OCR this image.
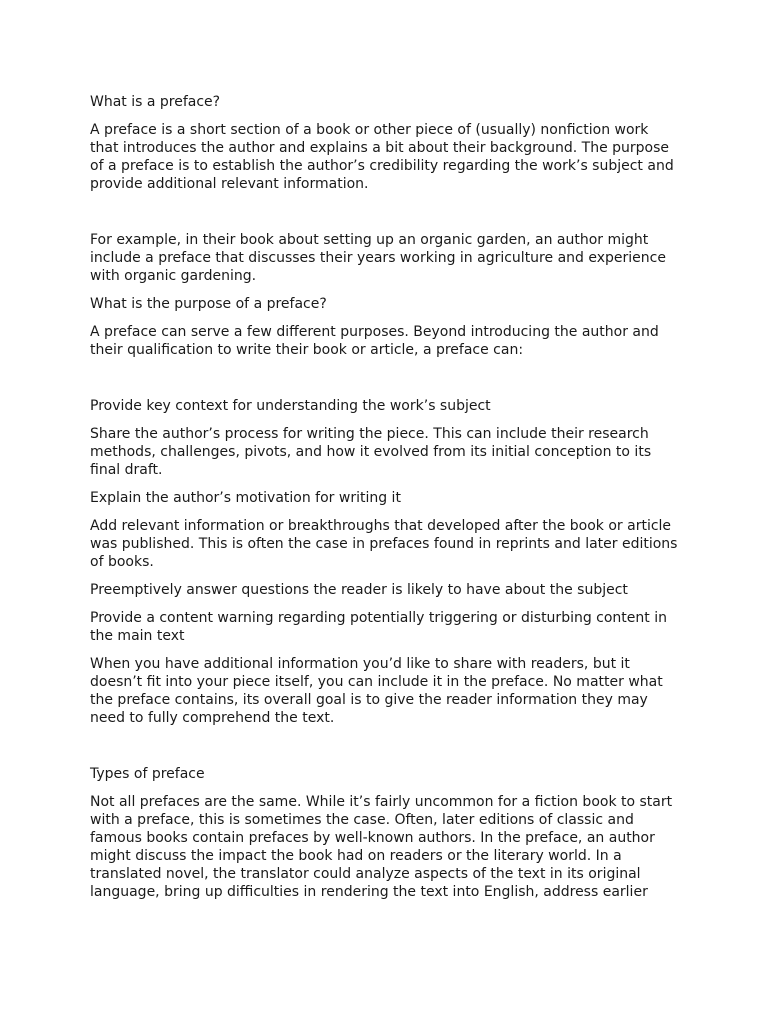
What is a preface?

A preface is a short section of a book or other piece of (usually) nonfiction work that introduces the author and explains a bit about their background. The purpose of a preface is to establish the author’s credibility regarding the work’s subject and provide additional relevant information.

For example, in their book about setting up an organic garden, an author might include a preface that discusses their years working in agriculture and experience with organic gardening.

What is the purpose of a preface?

A preface can serve a few different purposes. Beyond introducing the author and their qualification to write their book or article, a preface can:

Provide key context for understanding the work’s subject

Share the author’s process for writing the piece. This can include their research methods, challenges, pivots, and how it evolved from its initial conception to its final draft.

Explain the author’s motivation for writing it

Add relevant information or breakthroughs that developed after the book or article was published. This is often the case in prefaces found in reprints and later editions of books.

Preemptively answer questions the reader is likely to have about the subject

Provide a content warning regarding potentially triggering or disturbing content in the main text

When you have additional information you’d like to share with readers, but it doesn’t fit into your piece itself, you can include it in the preface. No matter what the preface contains, its overall goal is to give the reader information they may need to fully comprehend the text.

Types of preface

Not all prefaces are the same. While it’s fairly uncommon for a fiction book to start with a preface, this is sometimes the case. Often, later editions of classic and famous books contain prefaces by well-known authors. In the preface, an author might discuss the impact the book had on readers or the literary world. In a translated novel, the translator could analyze aspects of the text in its original language, bring up difficulties in rendering the text into English, address earlier
